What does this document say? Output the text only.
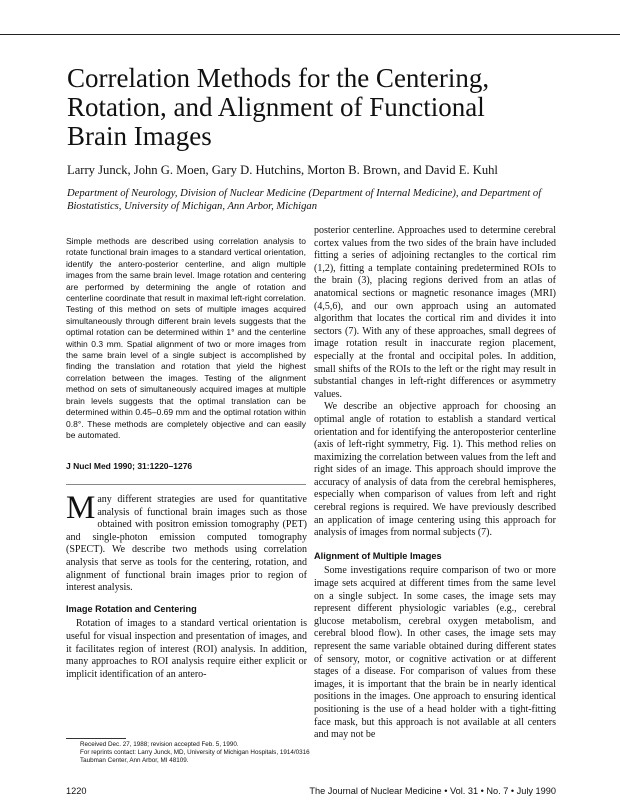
Correlation Methods for the Centering, Rotation, and Alignment of Functional Brain Images
Larry Junck, John G. Moen, Gary D. Hutchins, Morton B. Brown, and David E. Kuhl
Department of Neurology, Division of Nuclear Medicine (Department of Internal Medicine), and Department of Biostatistics, University of Michigan, Ann Arbor, Michigan
Simple methods are described using correlation analysis to rotate functional brain images to a standard vertical orientation, identify the antero-posterior centerline, and align multiple images from the same brain level. Image rotation and centering are performed by determining the angle of rotation and centerline coordinate that result in maximal left-right correlation. Testing of this method on sets of multiple images acquired simultaneously through different brain levels suggests that the optimal rotation can be determined within 1° and the centerline within 0.3 mm. Spatial alignment of two or more images from the same brain level of a single subject is accomplished by finding the translation and rotation that yield the highest correlation between the images. Testing of the alignment method on sets of simultaneously acquired images at multiple brain levels suggests that the optimal translation can be determined within 0.45–0.69 mm and the optimal rotation within 0.8°. These methods are completely objective and can easily be automated.
J Nucl Med 1990; 31:1220–1276

Many different strategies are used for quantitative analysis of functional brain images such as those obtained with positron emission tomography (PET) and single-photon emission computed tomography (SPECT). We describe two methods using correlation analysis that serve as tools for the centering, rotation, and alignment of functional brain images prior to region of interest analysis.

Image Rotation and Centering

Rotation of images to a standard vertical orientation is useful for visual inspection and presentation of images, and it facilitates region of interest (ROI) analysis. In addition, many approaches to ROI analysis require either explicit or implicit identification of an antero-

posterior centerline. Approaches used to determine cerebral cortex values from the two sides of the brain have included fitting a series of adjoining rectangles to the cortical rim (1,2), fitting a template containing predetermined ROIs to the brain (3), placing regions derived from an atlas of anatomical sections or magnetic resonance images (MRI) (4,5,6), and our own approach using an automated algorithm that locates the cortical rim and divides it into sectors (7). With any of these approaches, small degrees of image rotation result in inaccurate region placement, especially at the frontal and occipital poles. In addition, small shifts of the ROIs to the left or the right may result in substantial changes in left-right differences or asymmetry values.

We describe an objective approach for choosing an optimal angle of rotation to establish a standard vertical orientation and for identifying the anteroposterior centerline (axis of left-right symmetry, Fig. 1). This method relies on maximizing the correlation between values from the left and right sides of an image. This approach should improve the accuracy of analysis of data from the cerebral hemispheres, especially when comparison of values from left and right cerebral regions is required. We have previously described an application of image centering using this approach for analysis of images from normal subjects (7).

Alignment of Multiple Images

Some investigations require comparison of two or more image sets acquired at different times from the same level on a single subject. In some cases, the image sets may represent different physiologic variables (e.g., cerebral glucose metabolism, cerebral oxygen metabolism, and cerebral blood flow). In other cases, the image sets may represent the same variable obtained during different states of sensory, motor, or cognitive activation or at different stages of a disease. For comparison of values from these images, it is important that the brain be in nearly identical positions in the images. One approach to ensuring identical positioning is the use of a head holder with a tight-fitting face mask, but this approach is not available at all centers and may not be

Received Dec. 27, 1988; revision accepted Feb. 5, 1990.
For reprints contact: Larry Junck, MD, University of Michigan Hospitals, 1914/0316 Taubman Center, Ann Arbor, MI 48109.
1220	The Journal of Nuclear Medicine • Vol. 31 • No. 7 • July 1990
